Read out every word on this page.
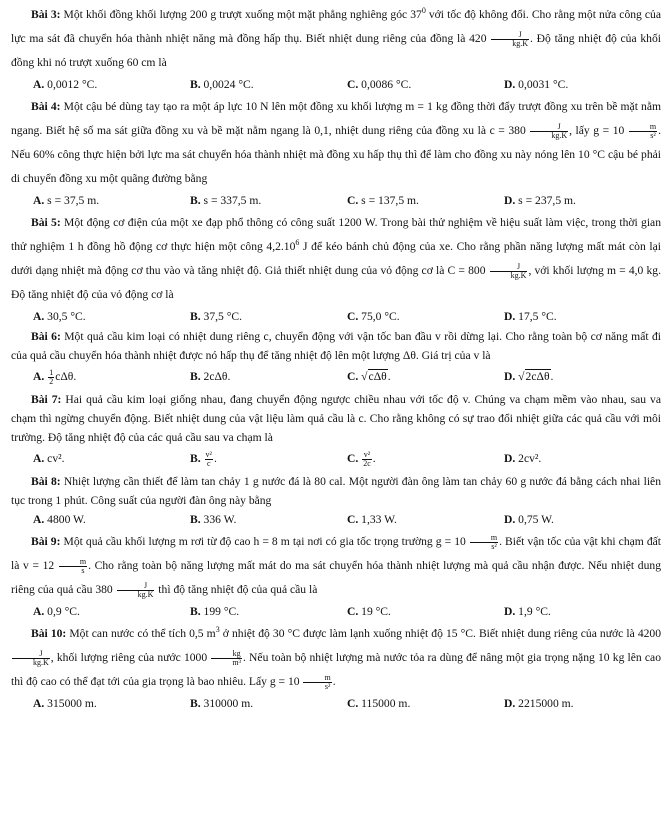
Bài 3: Một khối đồng khối lượng 200 g trượt xuống một mặt phẳng nghiêng góc $37^0$ với tốc độ không đổi. Cho rằng một nửa công của lực ma sát đã chuyển hóa thành nhiệt năng mà đồng hấp thụ. Biết nhiệt dung riêng của đồng là $420 \frac{J}{kg.K}$ . Độ tăng nhiệt độ của khối đồng khi nó trượt xuống 60 cm là
A. 0,0012 °C.	B. 0,0024 °C.	C. 0,0086 °C.	D. 0,0031 °C.
Bài 4: Một cậu bé dùng tay tạo ra một áp lực 10 N lên một đồng xu khối lượng m = 1 kg đồng thời đẩy trượt đồng xu trên bề mặt nằm ngang. Biết hệ số ma sát giữa đồng xu và bề mặt nằm ngang là 0,1, nhiệt dung riêng của đồng xu là $c = 380 \frac{J}{kg.K}$ , lấy $g = 10 \frac{m}{\text{s²}}$ . Nếu 60% công thực hiện bởi lực ma sát chuyển hóa thành nhiệt mà đồng xu hấp thụ thì để làm cho đồng xu này nóng lên 10 °C cậu bé phải di chuyển đồng xu một quãng đường bằng
A. s = 37,5 m.	B. s = 337,5 m.	C. s = 137,5 m.	D. s = 237,5 m.
Bài 5: Một động cơ điện của một xe đạp phổ thông có công suất 1200 W. Trong bài thử nghiệm về hiệu suất làm việc, trong thời gian thử nghiệm 1 h đồng hồ động cơ thực hiện một công 4,2.10$^6$ J để kéo bánh chủ động của xe. Cho rằng phần năng lượng mất mát còn lại dưới dạng nhiệt mà động cơ thu vào và tăng nhiệt độ. Giả thiết nhiệt dung của vỏ động cơ là $C = 800 \frac{J}{kg.K}$ , với khối lượng m = 4,0 kg. Độ tăng nhiệt độ của vỏ động cơ là
A. 30,5 °C.	B. 37,5 °C.	C. 75,0 °C.	D. 17,5 °C.
Bài 6: Một quả cầu kim loại có nhiệt dung riêng c, chuyển động với vận tốc ban đầu v rồi dừng lại. Cho rằng toàn bộ cơ năng mất đi của quả cầu chuyển hóa thành nhiệt được nó hấp thụ để tăng nhiệt độ lên một lượng Δθ. Giá trị của v là
A. $\frac{1}{2} c\Delta\theta$.	B. 2cΔθ.	C. √cΔθ.	D. √2cΔθ.
Bài 7: Hai quả cầu kim loại giống nhau, đang chuyển động ngược chiều nhau với tốc độ v. Chúng va chạm mềm vào nhau, sau va chạm thì ngừng chuyển động. Biết nhiệt dung của vật liệu làm quả cầu là c. Cho rằng không có sự trao đổi nhiệt giữa các quả cầu với môi trường. Độ tăng nhiệt độ của các quả cầu sau va chạm là
A. cv².	B. $\frac{\text{v²}}{c}$ .	C. $\frac{\text{v²}}{2c}$ .	D. 2cv².
Bài 8: Nhiệt lượng cần thiết để làm tan chảy 1 g nước đá là 80 cal. Một người đàn ông làm tan chảy 60 g nước đá bằng cách nhai liên tục trong 1 phút. Công suất của người đàn ông này bằng
A. 4800 W.	B. 336 W.	C. 1,33 W.	D. 0,75 W.
Bài 9: Một quả cầu khối lượng m rơi từ độ cao h = 8 m tại nơi có gia tốc trọng trường $g = 10 \frac{m}{\text{s²}}$ . Biết vận tốc của vật khi chạm đất là $v = 12 \frac{m}{s}$ . Cho rằng toàn bộ năng lượng mất mát do ma sát chuyển hóa thành nhiệt lượng mà quả cầu nhận được. Nếu nhiệt dung riêng của quả cầu $380 \frac{J}{kg.K}$ thì độ tăng nhiệt độ của quả cầu là
A. 0,9 °C.	B. 199 °C.	C. 19 °C.	D. 1,9 °C.
Bài 10: Một can nước có thể tích 0,5 $m^3$ ở nhiệt độ 30 °C được làm lạnh xuống nhiệt độ 15 °C. Biết nhiệt dung riêng của nước là 4200
$\frac{J}{kg.K}$ , khối lượng riêng của nước $1000 \frac{kg}{\text{m³}}$ . Nếu toàn bộ nhiệt lượng mà nước tỏa ra dùng để nâng một gia trọng nặng 10 kg lên cao thì độ cao có thể đạt tới của gia trọng là bao nhiêu. Lấy $g = 10 \frac{m}{\text{s²}}$ .
A. 315000 m.	B. 310000 m.	C. 115000 m.	D. 2215000 m.
